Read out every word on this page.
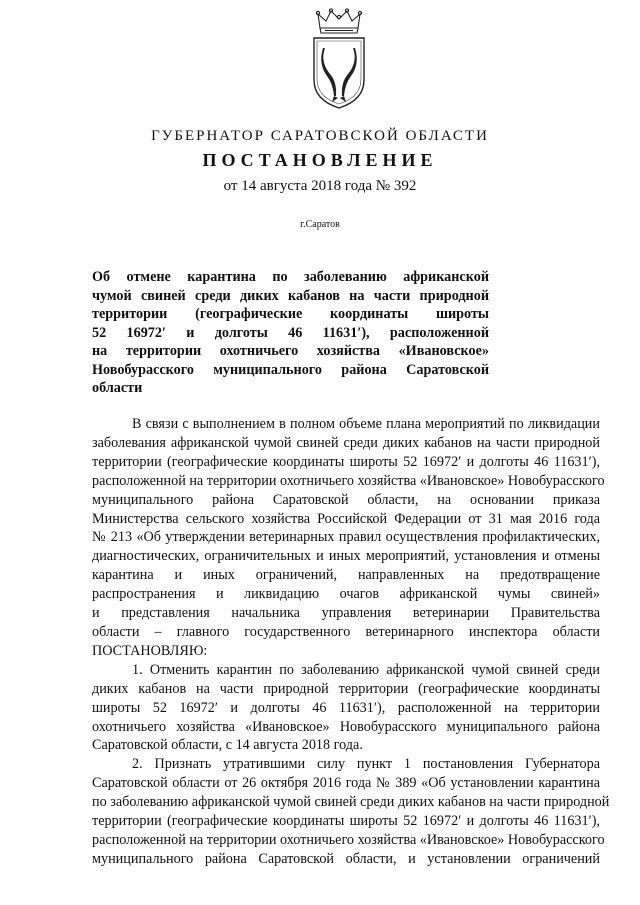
ГУБЕРНАТОР САРАТОВСКОЙ ОБЛАСТИ
ПОСТАНОВЛЕНИЕ
от 14 августа 2018 года № 392
г.Саратов
Об отмене карантина по заболеванию африканской
чумой свиней среди диких кабанов на части природной
территории (географические координаты широты
52 16972′ и долготы 46 11631′), расположенной
на территории охотничьего хозяйства «Ивановское»
Новобурасского муниципального района Саратовской
области
В связи с выполнением в полном объеме плана мероприятий по ликвидации
заболевания африканской чумой свиней среди диких кабанов на части природной
территории (географические координаты широты 52 16972′ и долготы 46 11631′),
расположенной на территории охотничьего хозяйства «Ивановское» Новобурасского
муниципального района Саратовской области, на основании приказа
Министерства сельского хозяйства Российской Федерации от 31 мая 2016 года
№ 213 «Об утверждении ветеринарных правил осуществления профилактических,
диагностических, ограничительных и иных мероприятий, установления и отмены
карантина и иных ограничений, направленных на предотвращение
распространения и ликвидацию очагов африканской чумы свиней»
и представления начальника управления ветеринарии Правительства
области – главного государственного ветеринарного инспектора области
ПОСТАНОВЛЯЮ:
1. Отменить карантин по заболеванию африканской чумой свиней среди
диких кабанов на части природной территории (географические координаты
широты 52 16972′ и долготы 46 11631′), расположенной на территории
охотничьего хозяйства «Ивановское» Новобурасского муниципального района
Саратовской области, с 14 августа 2018 года.
2. Признать утратившими силу пункт 1 постановления Губернатора
Саратовской области от 26 октября 2016 года № 389 «Об установлении карантина
по заболеванию африканской чумой свиней среди диких кабанов на части природной
территории (географические координаты широты 52 16972′ и долготы 46 11631′),
расположенной на территории охотничьего хозяйства «Ивановское» Новобурасского
муниципального района Саратовской области, и установлении ограничений
